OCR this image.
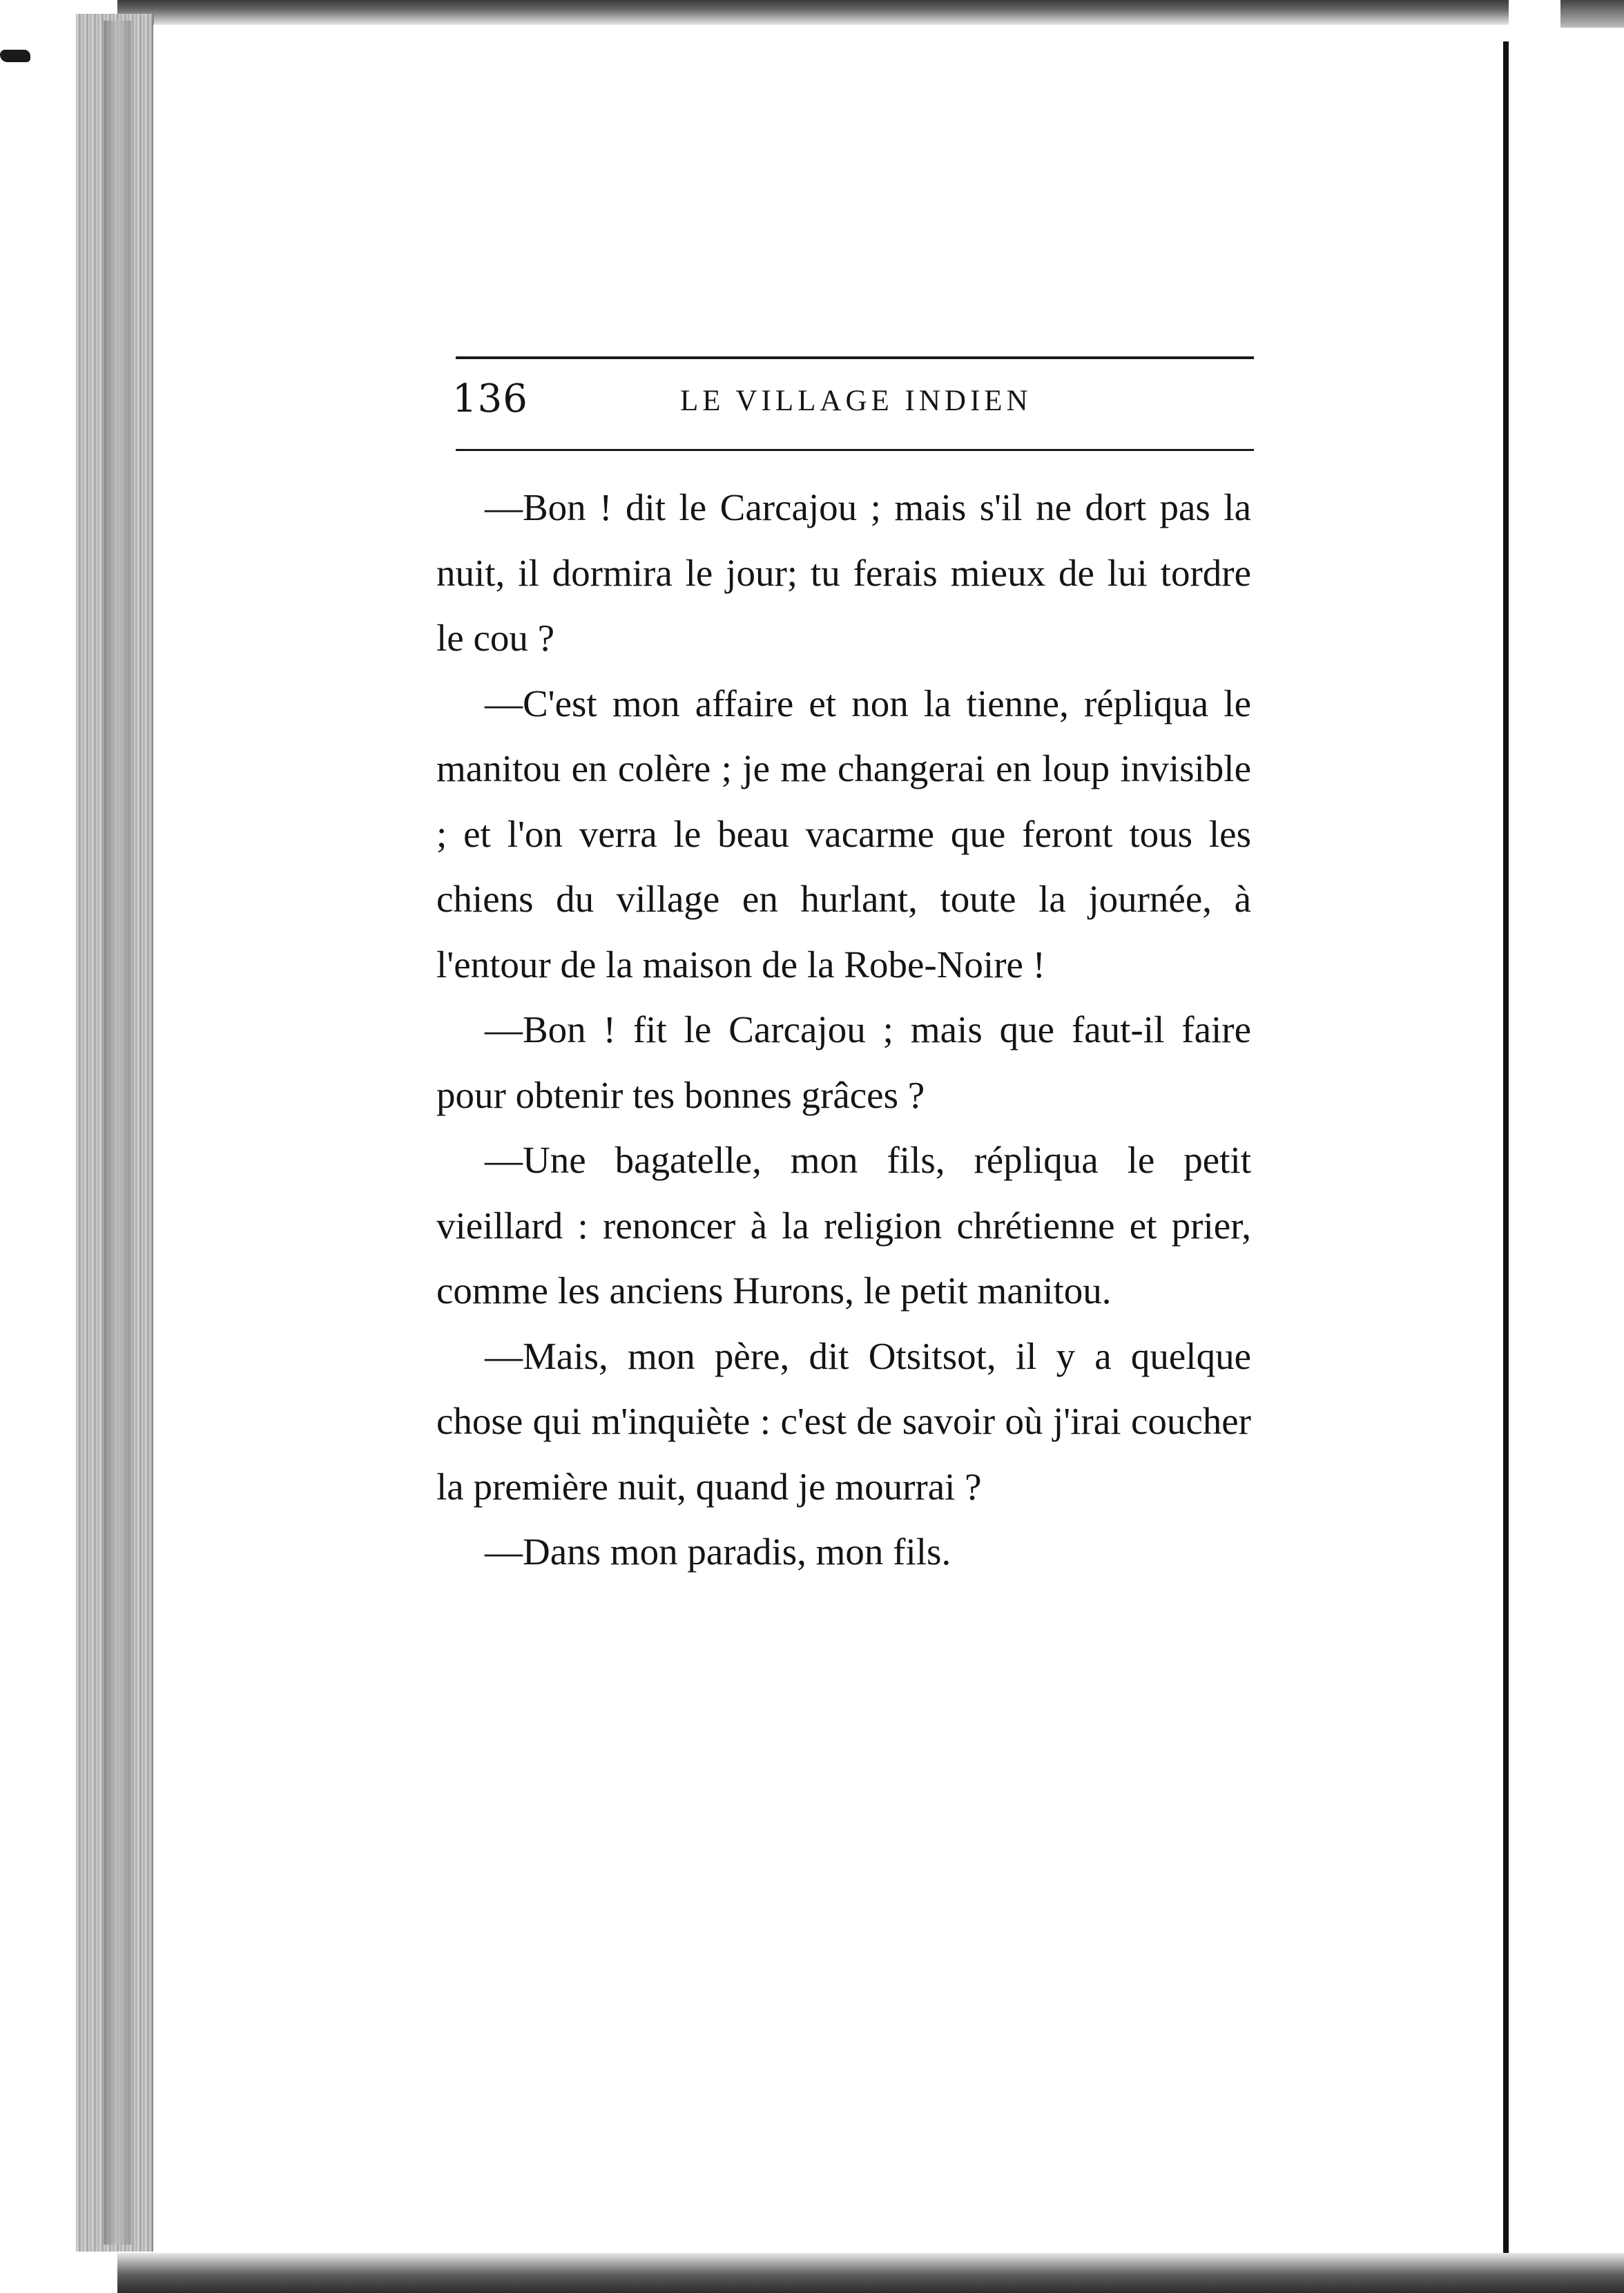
136	LE VILLAGE INDIEN

—Bon ! dit le Carcajou ; mais s'il ne dort pas la nuit, il dormira le jour; tu ferais mieux de lui tordre le cou ?

—C'est mon affaire et non la tienne, répliqua le manitou en colère ; je me changerai en loup invisible ; et l'on verra le beau vacarme que feront tous les chiens du village en hurlant, toute la journée, à l'entour de la maison de la Robe-Noire !

—Bon ! fit le Carcajou ; mais que faut-il faire pour obtenir tes bonnes grâces ?

—Une bagatelle, mon fils, répliqua le petit vieillard : renoncer à la religion chrétienne et prier, comme les anciens Hurons, le petit manitou.

—Mais, mon père, dit Otsitsot, il y a quelque chose qui m'inquiète : c'est de savoir où j'irai coucher la première nuit, quand je mourrai ?

—Dans mon paradis, mon fils.
